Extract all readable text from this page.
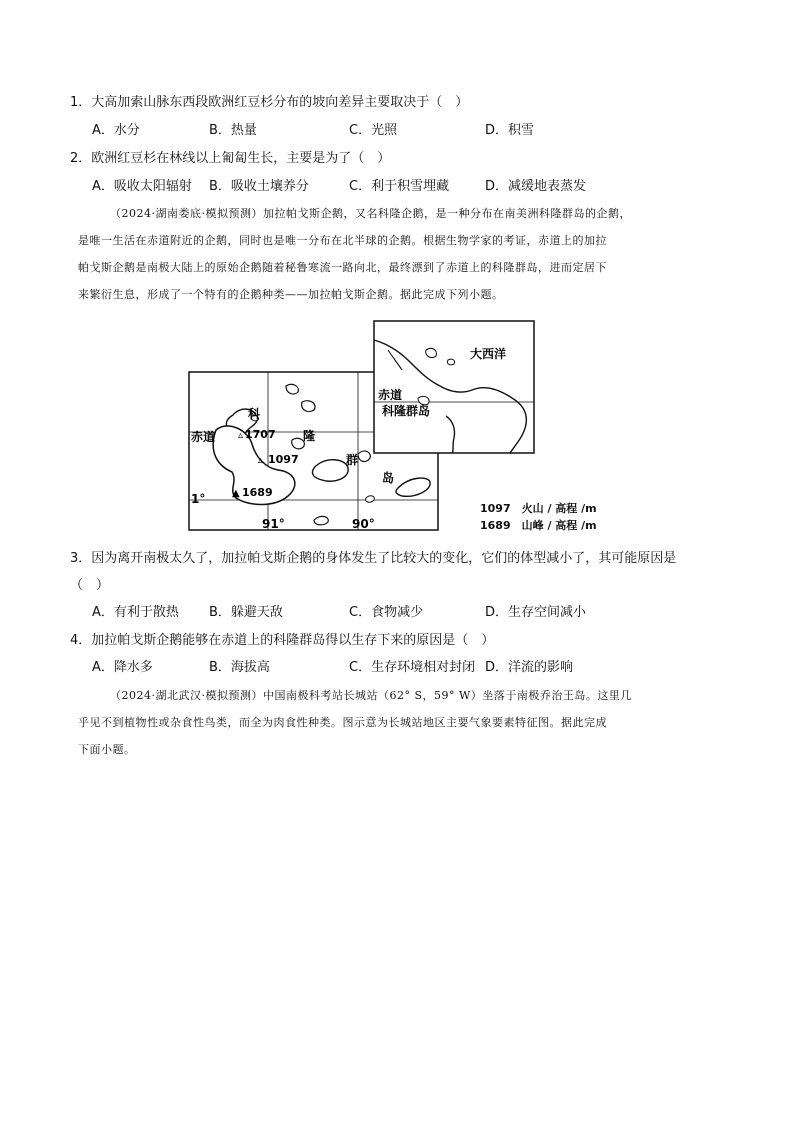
1．大高加索山脉东西段欧洲红豆杉分布的坡向差异主要取决于（　）
A．水分	B．热量	C．光照	D．积雪
2．欧洲红豆杉在林线以上匍匐生长，主要是为了（　）
A．吸收太阳辐射 B．吸收土壤养分	C．利于积雪埋藏	D．减缓地表蒸发
（2024·湖南娄底·模拟预测）加拉帕戈斯企鹅，又名科隆企鹅，是一种分布在南美洲科隆群岛的企鹅，
是唯一生活在赤道附近的企鹅，同时也是唯一分布在北半球的企鹅。根据生物学家的考证，赤道上的加拉
帕戈斯企鹅是南极大陆上的原始企鹅随着秘鲁寒流一路向北，最终漂到了赤道上的科隆群岛，进而定居下
来繁衍生息，形成了一个特有的企鹅种类——加拉帕戈斯企鹅。据此完成下列小题。
▵
▵
▲
1707
1097
1689
赤道
1°
91°	90°
科
隆
群
岛
大西洋
赤道
科隆群岛
1097　火山 / 高程 /m
1689　山峰 / 高程 /m
3．因为离开南极太久了，加拉帕戈斯企鹅的身体发生了比较大的变化，它们的体型减小了，其可能原因是
（　）
A．有利于散热 B．躲避天敌	C．食物减少	D．生存空间减小
4．加拉帕戈斯企鹅能够在赤道上的科隆群岛得以生存下来的原因是（　）
A．降水多	B．海拔高	C．生存环境相对封闭 D．洋流的影响
（2024·湖北武汉·模拟预测）中国南极科考站长城站（62° S，59° W）坐落于南极乔治王岛。这里几
乎见不到植物性或杂食性鸟类，而全为肉食性种类。图示意为长城站地区主要气象要素特征图。据此完成
下面小题。
